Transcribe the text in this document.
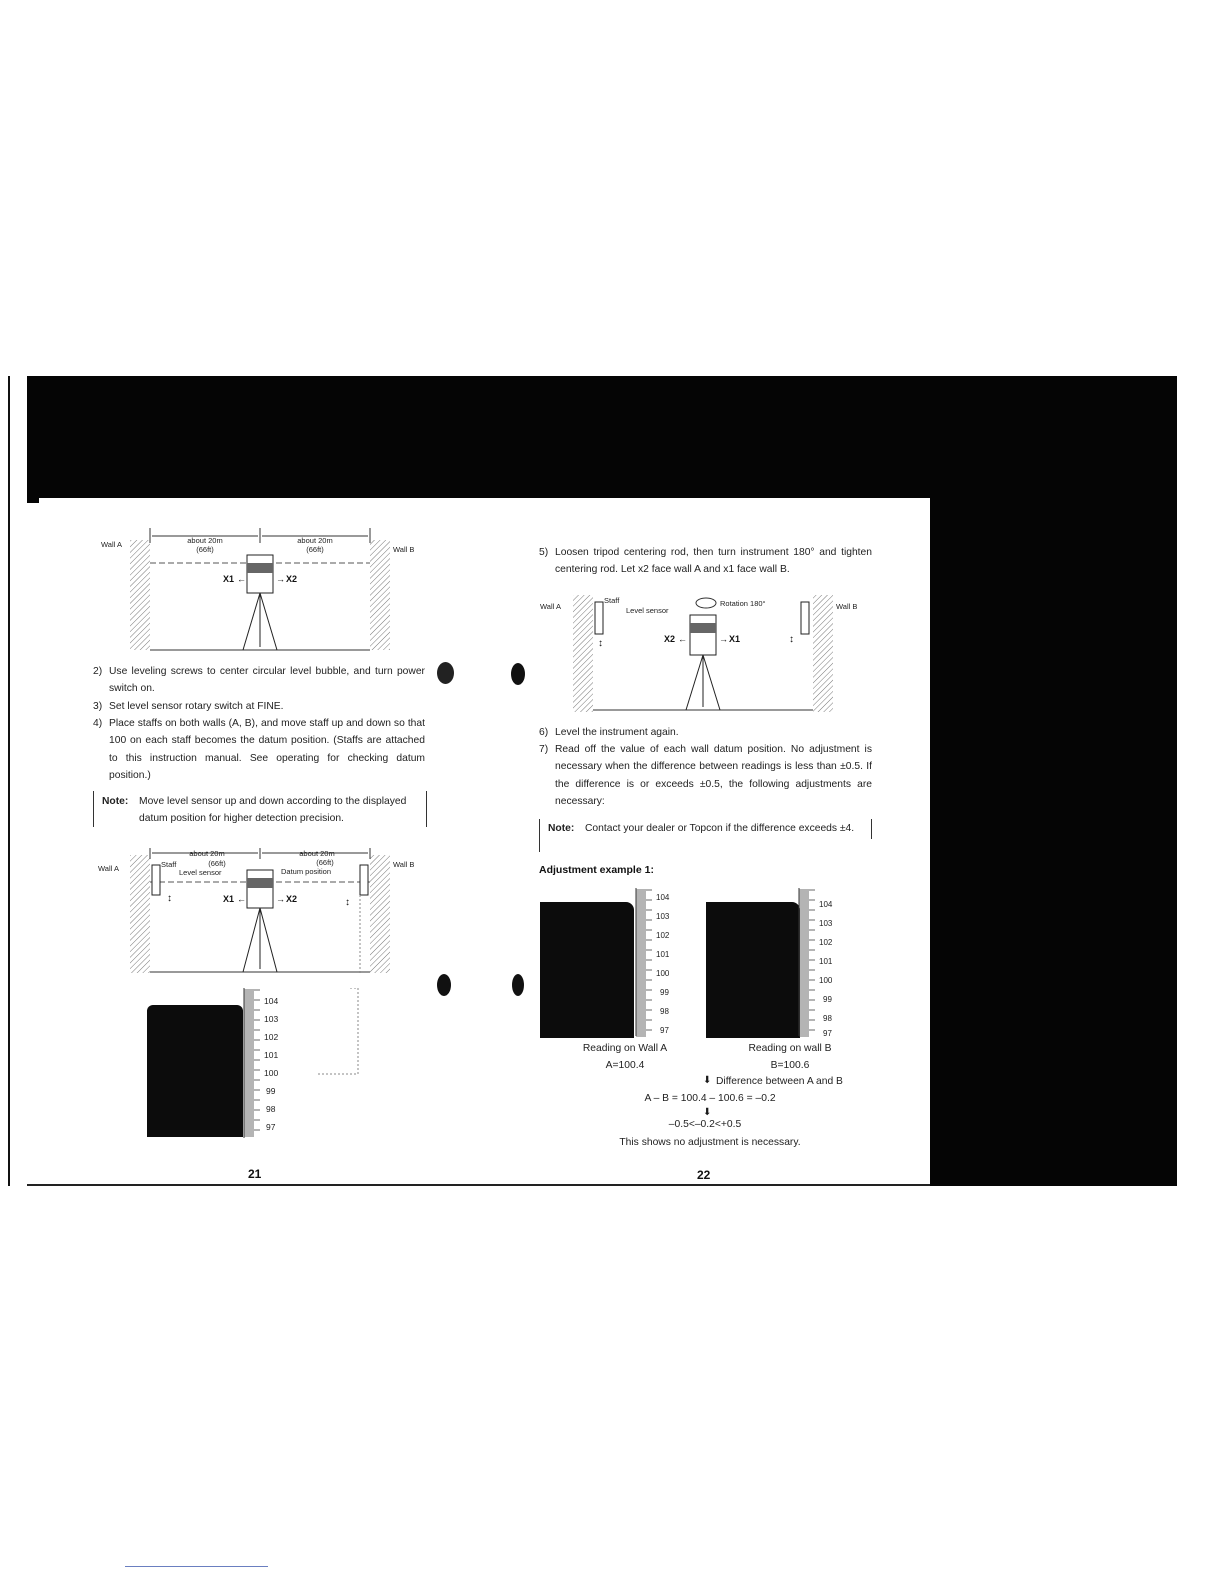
Wall A
Wall B
about 20m
(66ft)
about 20m
(66ft)
X1 ←	→ X2
2) Use leveling screws to center circular level bubble, and turn power switch on.
3) Set level sensor rotary switch at FINE.
4) Place staffs on both walls (A, B), and move staff up and down so that 100 on each staff becomes the datum position. (Staffs are attached to this instruction manual. See operating for checking datum position.)
Note: Move level sensor up and down according to the displayed datum position for higher detection precision.
↕	↕
Wall A	Wall B
about 20m
(66ft)
about 20m
(66ft)
Staff
Level sensor	Datum position
X1 ←	→ X2
104
103
102
101
100
99
98
97
21
5) Loosen tripod centering rod, then turn instrument 180° and tighten centering rod. Let x2 face wall A and x1 face wall B.
↕	↕
Wall A	Wall B
Staff
Level sensor
Rotation 180°
X2 ←	→ X1
6) Level the instrument again.
7) Read off the value of each wall datum position. No adjustment is necessary when the difference between readings is less than ±0.5. If the difference is or exceeds ±0.5, the following adjustments are necessary:
Note: Contact your dealer or Topcon if the difference exceeds ±4.
Adjustment example 1:
104
103
102
101
100
99
98
97
104
103
102
101
100
99
98
97
Reading on Wall A
A=100.4
Reading on wall B
B=100.6
⬇ Difference between A and B
A – B = 100.4 – 100.6 = –0.2
⬇
–0.5<–0.2<+0.5
This shows no adjustment is necessary.
22
